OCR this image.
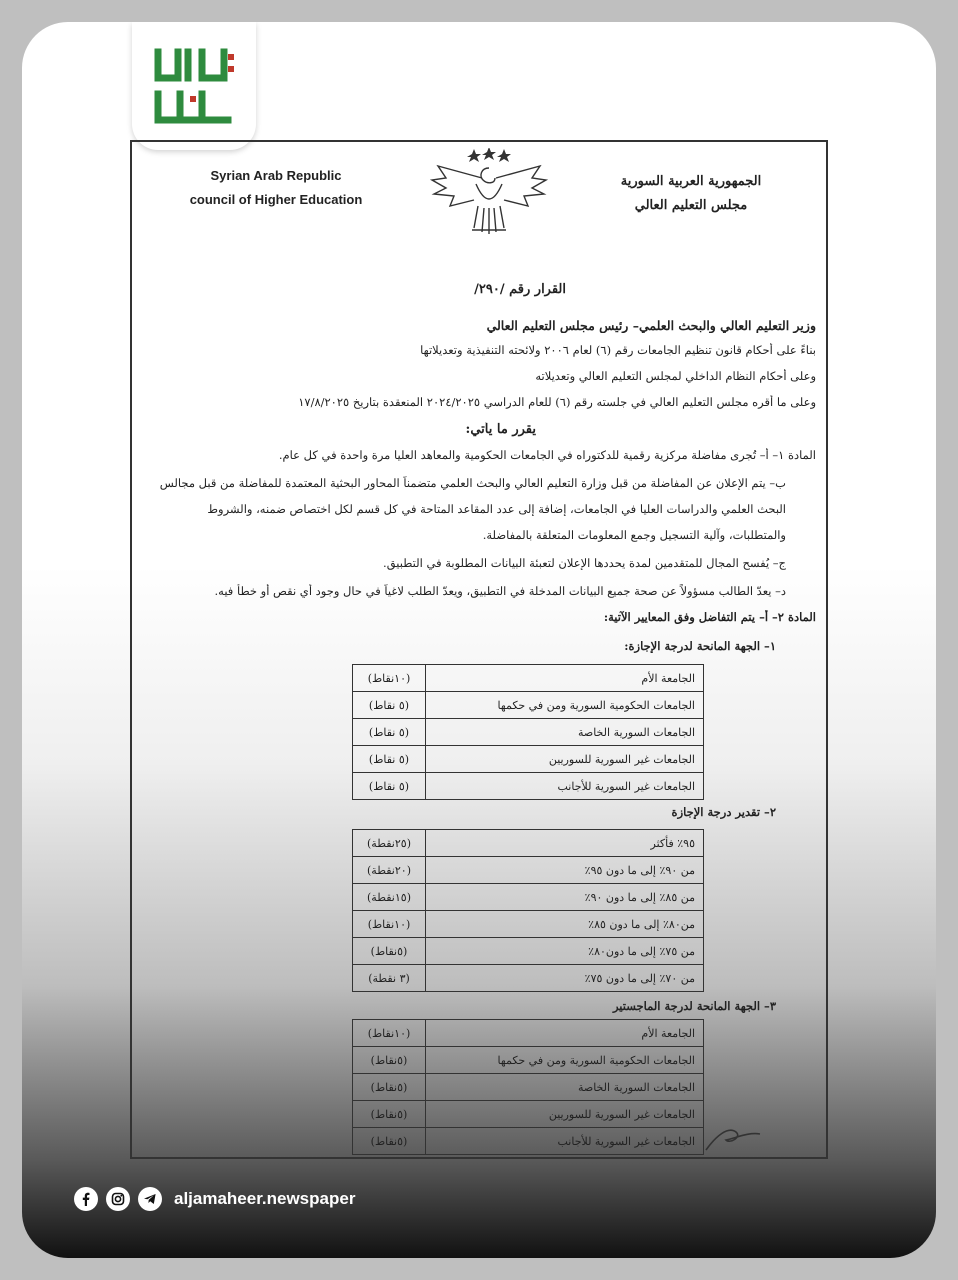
Syrian Arab Republic
council of Higher Education
الجمهورية العربية السورية
مجلس التعليم العالي
القرار رقم /٢٩٠/
وزير التعليم العالي والبحث العلمي– رئيس مجلس التعليم العالي
بناءً على أحكام قانون تنظيم الجامعات رقم (٦) لعام ٢٠٠٦ ولائحته التنفيذية وتعديلاتها
وعلى أحكام النظام الداخلي لمجلس التعليم العالي وتعديلاته
وعلى ما أقره مجلس التعليم العالي في جلسته رقم (٦) للعام الدراسي ٢٠٢٤/٢٠٢٥ المنعقدة بتاريخ ١٧/٨/٢٠٢٥
يقرر ما يأتي:
المادة ١– أ– تُجرى مفاضلة مركزية رقمية للدكتوراه في الجامعات الحكومية والمعاهد العليا مرة واحدة في كل عام.
ب– يتم الإعلان عن المفاضلة من قبل وزارة التعليم العالي والبحث العلمي متضمناً المحاور البحثية المعتمدة للمفاضلة من قبل مجالس
البحث العلمي والدراسات العليا في الجامعات، إضافة إلى عدد المقاعد المتاحة في كل قسم لكل اختصاص ضمنه، والشروط
والمتطلبات، وآلية التسجيل وجمع المعلومات المتعلقة بالمفاضلة.
ج– يُفسح المجال للمتقدمين لمدة يحددها الإعلان لتعبئة البيانات المطلوبة في التطبيق.
د– يعدّ الطالب مسؤولاً عن صحة جميع البيانات المدخلة في التطبيق، ويعدّ الطلب لاغياً في حال وجود أي نقص أو خطأ فيه.
المادة ٢– أ– يتم التفاضل وفق المعايير الآتية:
١– الجهة المانحة لدرجة الإجازة:
الجامعة الأم	(١٠نقاط)
الجامعات الحكومية السورية ومن في حكمها	(٥ نقاط)
الجامعات السورية الخاصة	(٥ نقاط)
الجامعات غير السورية للسوريين	(٥ نقاط)
الجامعات غير السورية للأجانب	(٥ نقاط)
٢– تقدير درجة الإجازة
٩٥٪ فأكثر	(٢٥نقطة)
من ٩٠٪ إلى ما دون ٩٥٪	(٢٠نقطة)
من ٨٥٪ إلى ما دون ٩٠٪	(١٥نقطة)
من٨٠٪ إلى ما دون ٨٥٪	(١٠نقاط)
من ٧٥٪ إلى ما دون٨٠٪	(٥نقاط)
من ٧٠٪ إلى ما دون ٧٥٪	(٣ نقطة)
٣– الجهة المانحة لدرجة الماجستير
الجامعة الأم	(١٠نقاط)
الجامعات الحكومية السورية ومن في حكمها	(٥نقاط)
الجامعات السورية الخاصة	(٥نقاط)
الجامعات غير السورية للسوريين	(٥نقاط)
الجامعات غير السورية للأجانب	(٥نقاط)
aljamaheer.newspaper
